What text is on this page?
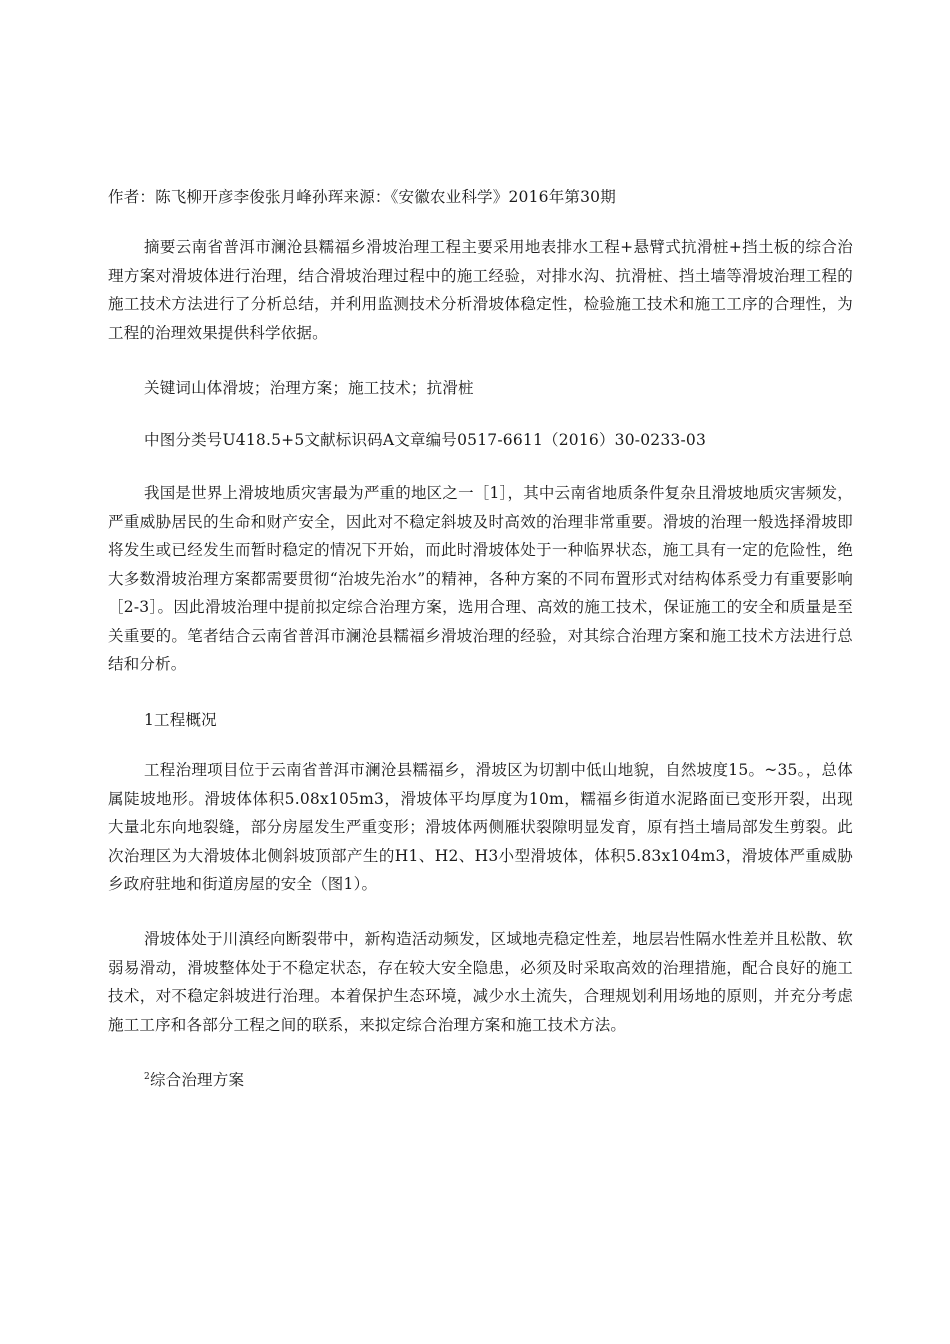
作者：陈飞柳开彦李俊张月峰孙珲来源：《安徽农业科学》2016年第30期

摘要云南省普洱市澜沧县糯福乡滑坡治理工程主要采用地表排水工程+悬臂式抗滑桩+挡土板的综合治理方案对滑坡体进行治理，结合滑坡治理过程中的施工经验，对排水沟、抗滑桩、挡土墙等滑坡治理工程的施工技术方法进行了分析总结，并利用监测技术分析滑坡体稳定性，检验施工技术和施工工序的合理性，为工程的治理效果提供科学依据。

关键词山体滑坡；治理方案；施工技术；抗滑桩

中图分类号U418.5+5文献标识码A文章编号0517-6611（2016）30-0233-03

我国是世界上滑坡地质灾害最为严重的地区之一［1］，其中云南省地质条件复杂且滑坡地质灾害频发，严重威胁居民的生命和财产安全，因此对不稳定斜坡及时高效的治理非常重要。滑坡的治理一般选择滑坡即将发生或已经发生而暂时稳定的情况下开始，而此时滑坡体处于一种临界状态，施工具有一定的危险性，绝大多数滑坡治理方案都需要贯彻“治坡先治水”的精神，各种方案的不同布置形式对结构体系受力有重要影响［2-3］。因此滑坡治理中提前拟定综合治理方案，选用合理、高效的施工技术，保证施工的安全和质量是至关重要的。笔者结合云南省普洱市澜沧县糯福乡滑坡治理的经验，对其综合治理方案和施工技术方法进行总结和分析。

1工程概况

工程治理项目位于云南省普洱市澜沧县糯福乡，滑坡区为切割中低山地貌，自然坡度15。~35。，总体属陡坡地形。滑坡体体积5.08x105m3，滑坡体平均厚度为10m，糯福乡街道水泥路面已变形开裂，出现大量北东向地裂缝，部分房屋发生严重变形；滑坡体两侧雁状裂隙明显发育，原有挡土墙局部发生剪裂。此次治理区为大滑坡体北侧斜坡顶部产生的H1、H2、H3小型滑坡体，体积5.83x104m3，滑坡体严重威胁乡政府驻地和街道房屋的安全（图1）。

滑坡体处于川滇经向断裂带中，新构造活动频发，区域地壳稳定性差，地层岩性隔水性差并且松散、软弱易滑动，滑坡整体处于不稳定状态，存在较大安全隐患，必须及时采取高效的治理措施，配合良好的施工技术，对不稳定斜坡进行治理。本着保护生态环境，减少水土流失，合理规划利用场地的原则，并充分考虑施工工序和各部分工程之间的联系，来拟定综合治理方案和施工技术方法。

$^2$综合治理方案
